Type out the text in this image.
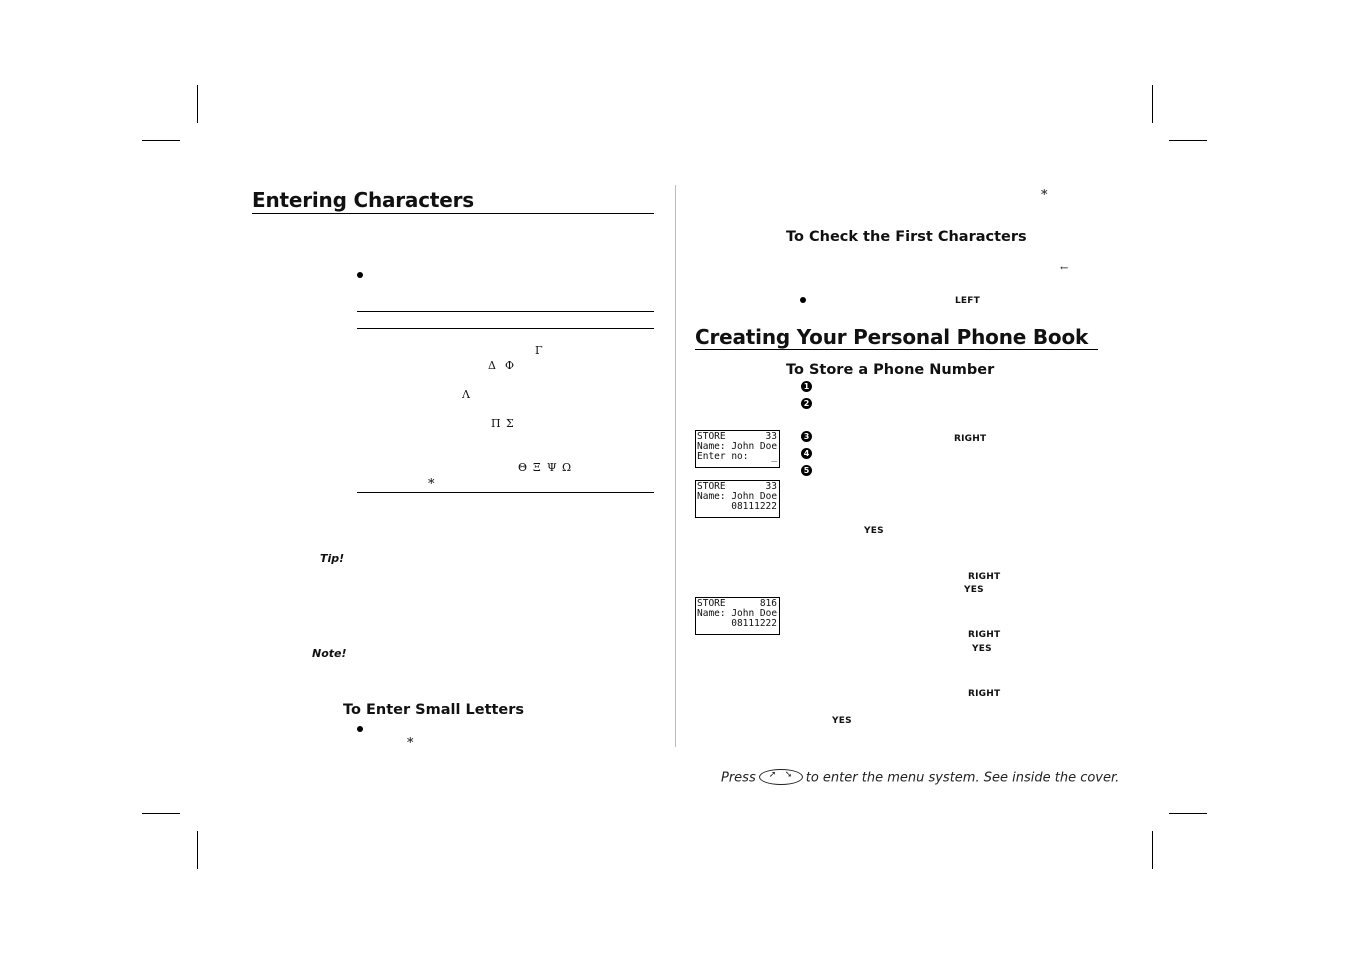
Entering Characters
Γ
Δ Φ
Λ
Π Σ
Θ Ξ Ψ Ω
*
Tip!
Note!
To Enter Small Letters
*
*
To Check the First Characters
←
LEFT
Creating Your Personal Phone Book
To Store a Phone Number
1
2
3
4
5
RIGHT
YES
RIGHT
YES
RIGHT
YES
RIGHT
YES
STORE	33
Name: John Doe
Enter no: _
STORE	33
Name: John Doe
08111222
STORE	816
Name: John Doe
08111222
Press ➚ ➘ to enter the menu system. See inside the cover.
